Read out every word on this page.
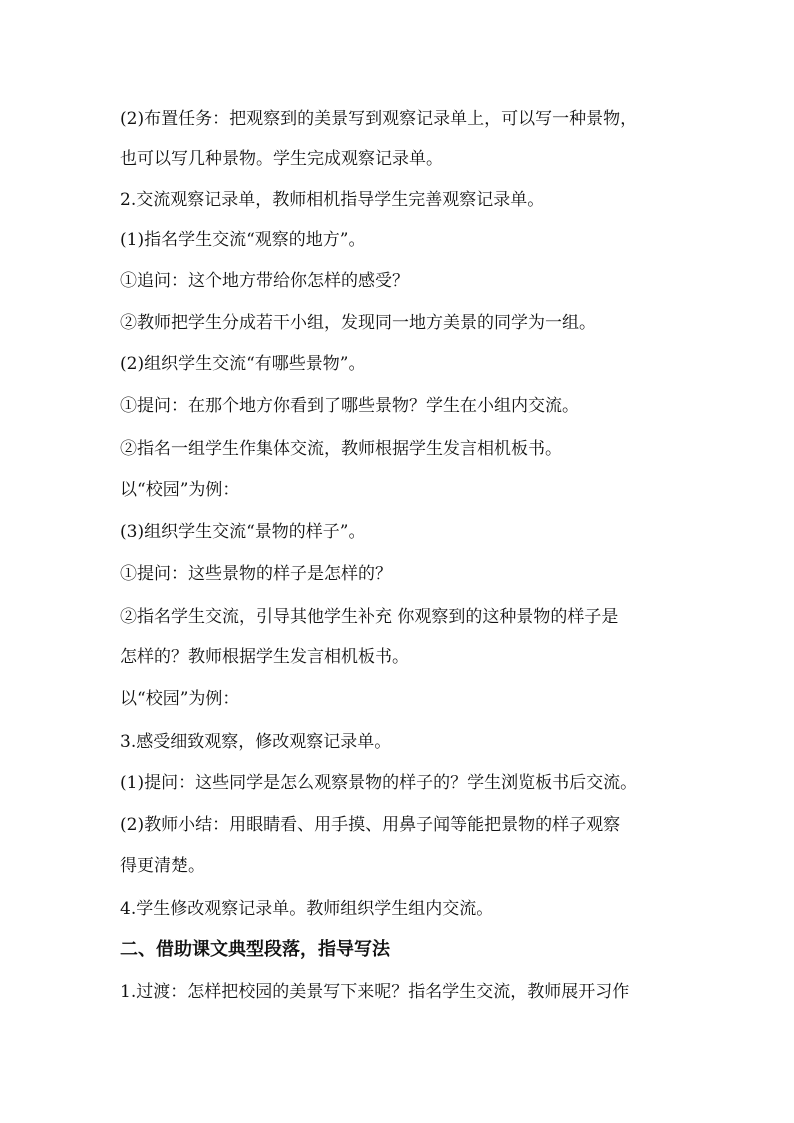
(2)布置任务：把观察到的美景写到观察记录单上，可以写一种景物，
也可以写几种景物。学生完成观察记录单。
2.交流观察记录单，教师相机指导学生完善观察记录单。
(1)指名学生交流“观察的地方”。
①追问：这个地方带给你怎样的感受？
②教师把学生分成若干小组，发现同一地方美景的同学为一组。
(2)组织学生交流“有哪些景物”。
①提问：在那个地方你看到了哪些景物？学生在小组内交流。
②指名一组学生作集体交流，教师根据学生发言相机板书。
以“校园”为例：
(3)组织学生交流“景物的样子”。
①提问：这些景物的样子是怎样的？
②指名学生交流，引导其他学生补充 你观察到的这种景物的样子是
怎样的？教师根据学生发言相机板书。
以“校园”为例：
3.感受细致观察，修改观察记录单。
(1)提问：这些同学是怎么观察景物的样子的？学生浏览板书后交流。
(2)教师小结：用眼睛看、用手摸、用鼻子闻等能把景物的样子观察
得更清楚。
4.学生修改观察记录单。教师组织学生组内交流。
二、借助课文典型段落，指导写法
1.过渡：怎样把校园的美景写下来呢？指名学生交流，教师展开习作
